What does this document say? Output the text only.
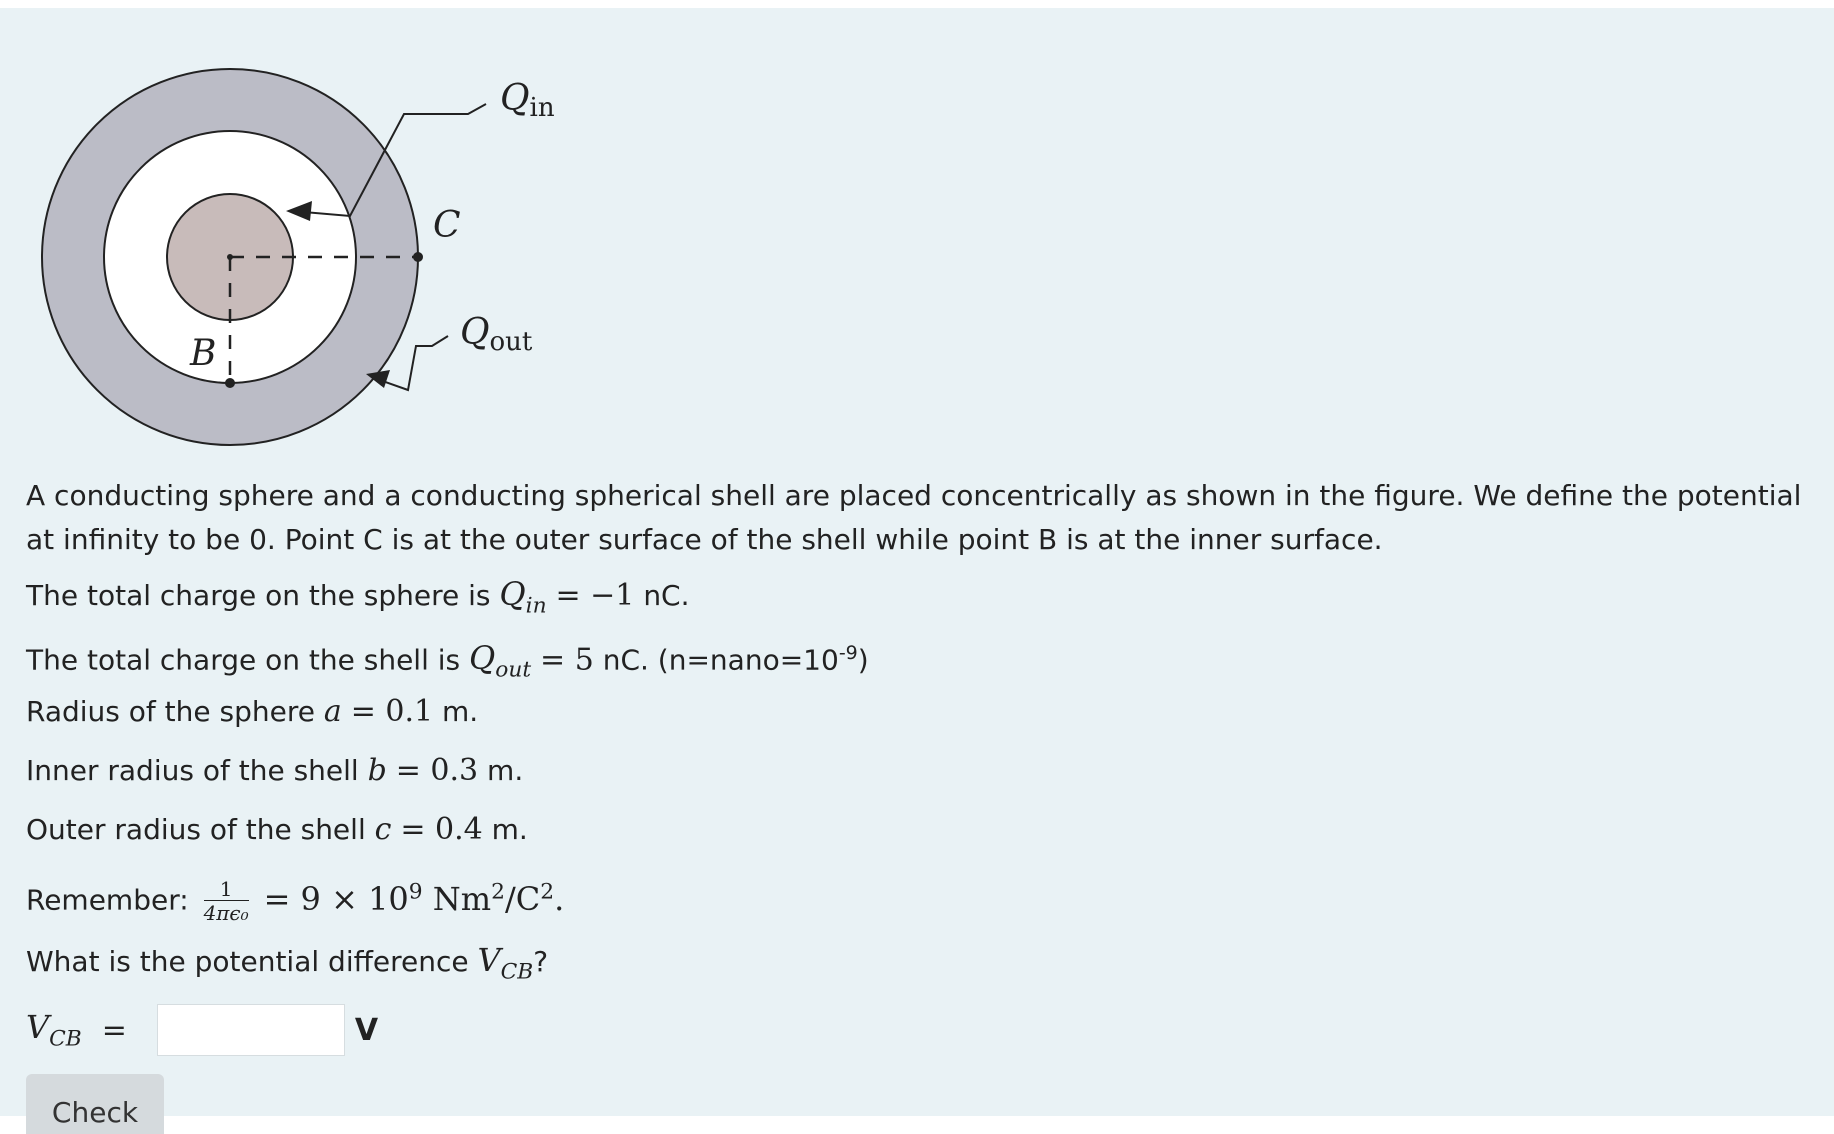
Qin
Qout
C
B
A conducting sphere and a conducting spherical shell are placed concentrically as shown in the figure. We define the potential at infinity to be 0. Point C is at the outer surface of the shell while point B is at the inner surface.
The total charge on the sphere is $Q_{in} = -1$ nC.
The total charge on the shell is $Q_{out} = 5$ nC. $(n=nano=10^{-9})$
Radius of the sphere a = 0.1 m.
Inner radius of the shell b = 0.3 m.
Outer radius of the shell c = 0.4 m.
Remember: $\frac{1}{\text{4πϵ₀}} = 9 \times 10^9$ $Nm^2/C^2$.
What is the potential difference $V_{CB}$?
$V_{CB}$ =	V
Check
